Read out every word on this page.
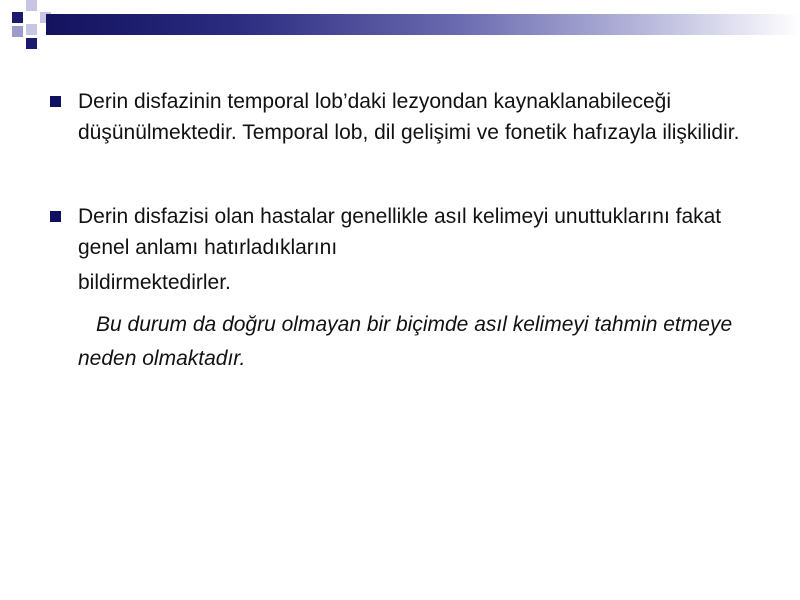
Derin disfazinin temporal lob’daki lezyondan kaynaklanabileceği düşünülmektedir. Temporal lob, dil gelişimi ve fonetik hafızayla ilişkilidir.
Derin disfazisi olan hastalar genellikle asıl kelimeyi unuttuklarını fakat genel anlamı hatırladıklarını
bildirmektedirler.
Bu durum da doğru olmayan bir biçimde asıl kelimeyi tahmin etmeye neden olmaktadır.
